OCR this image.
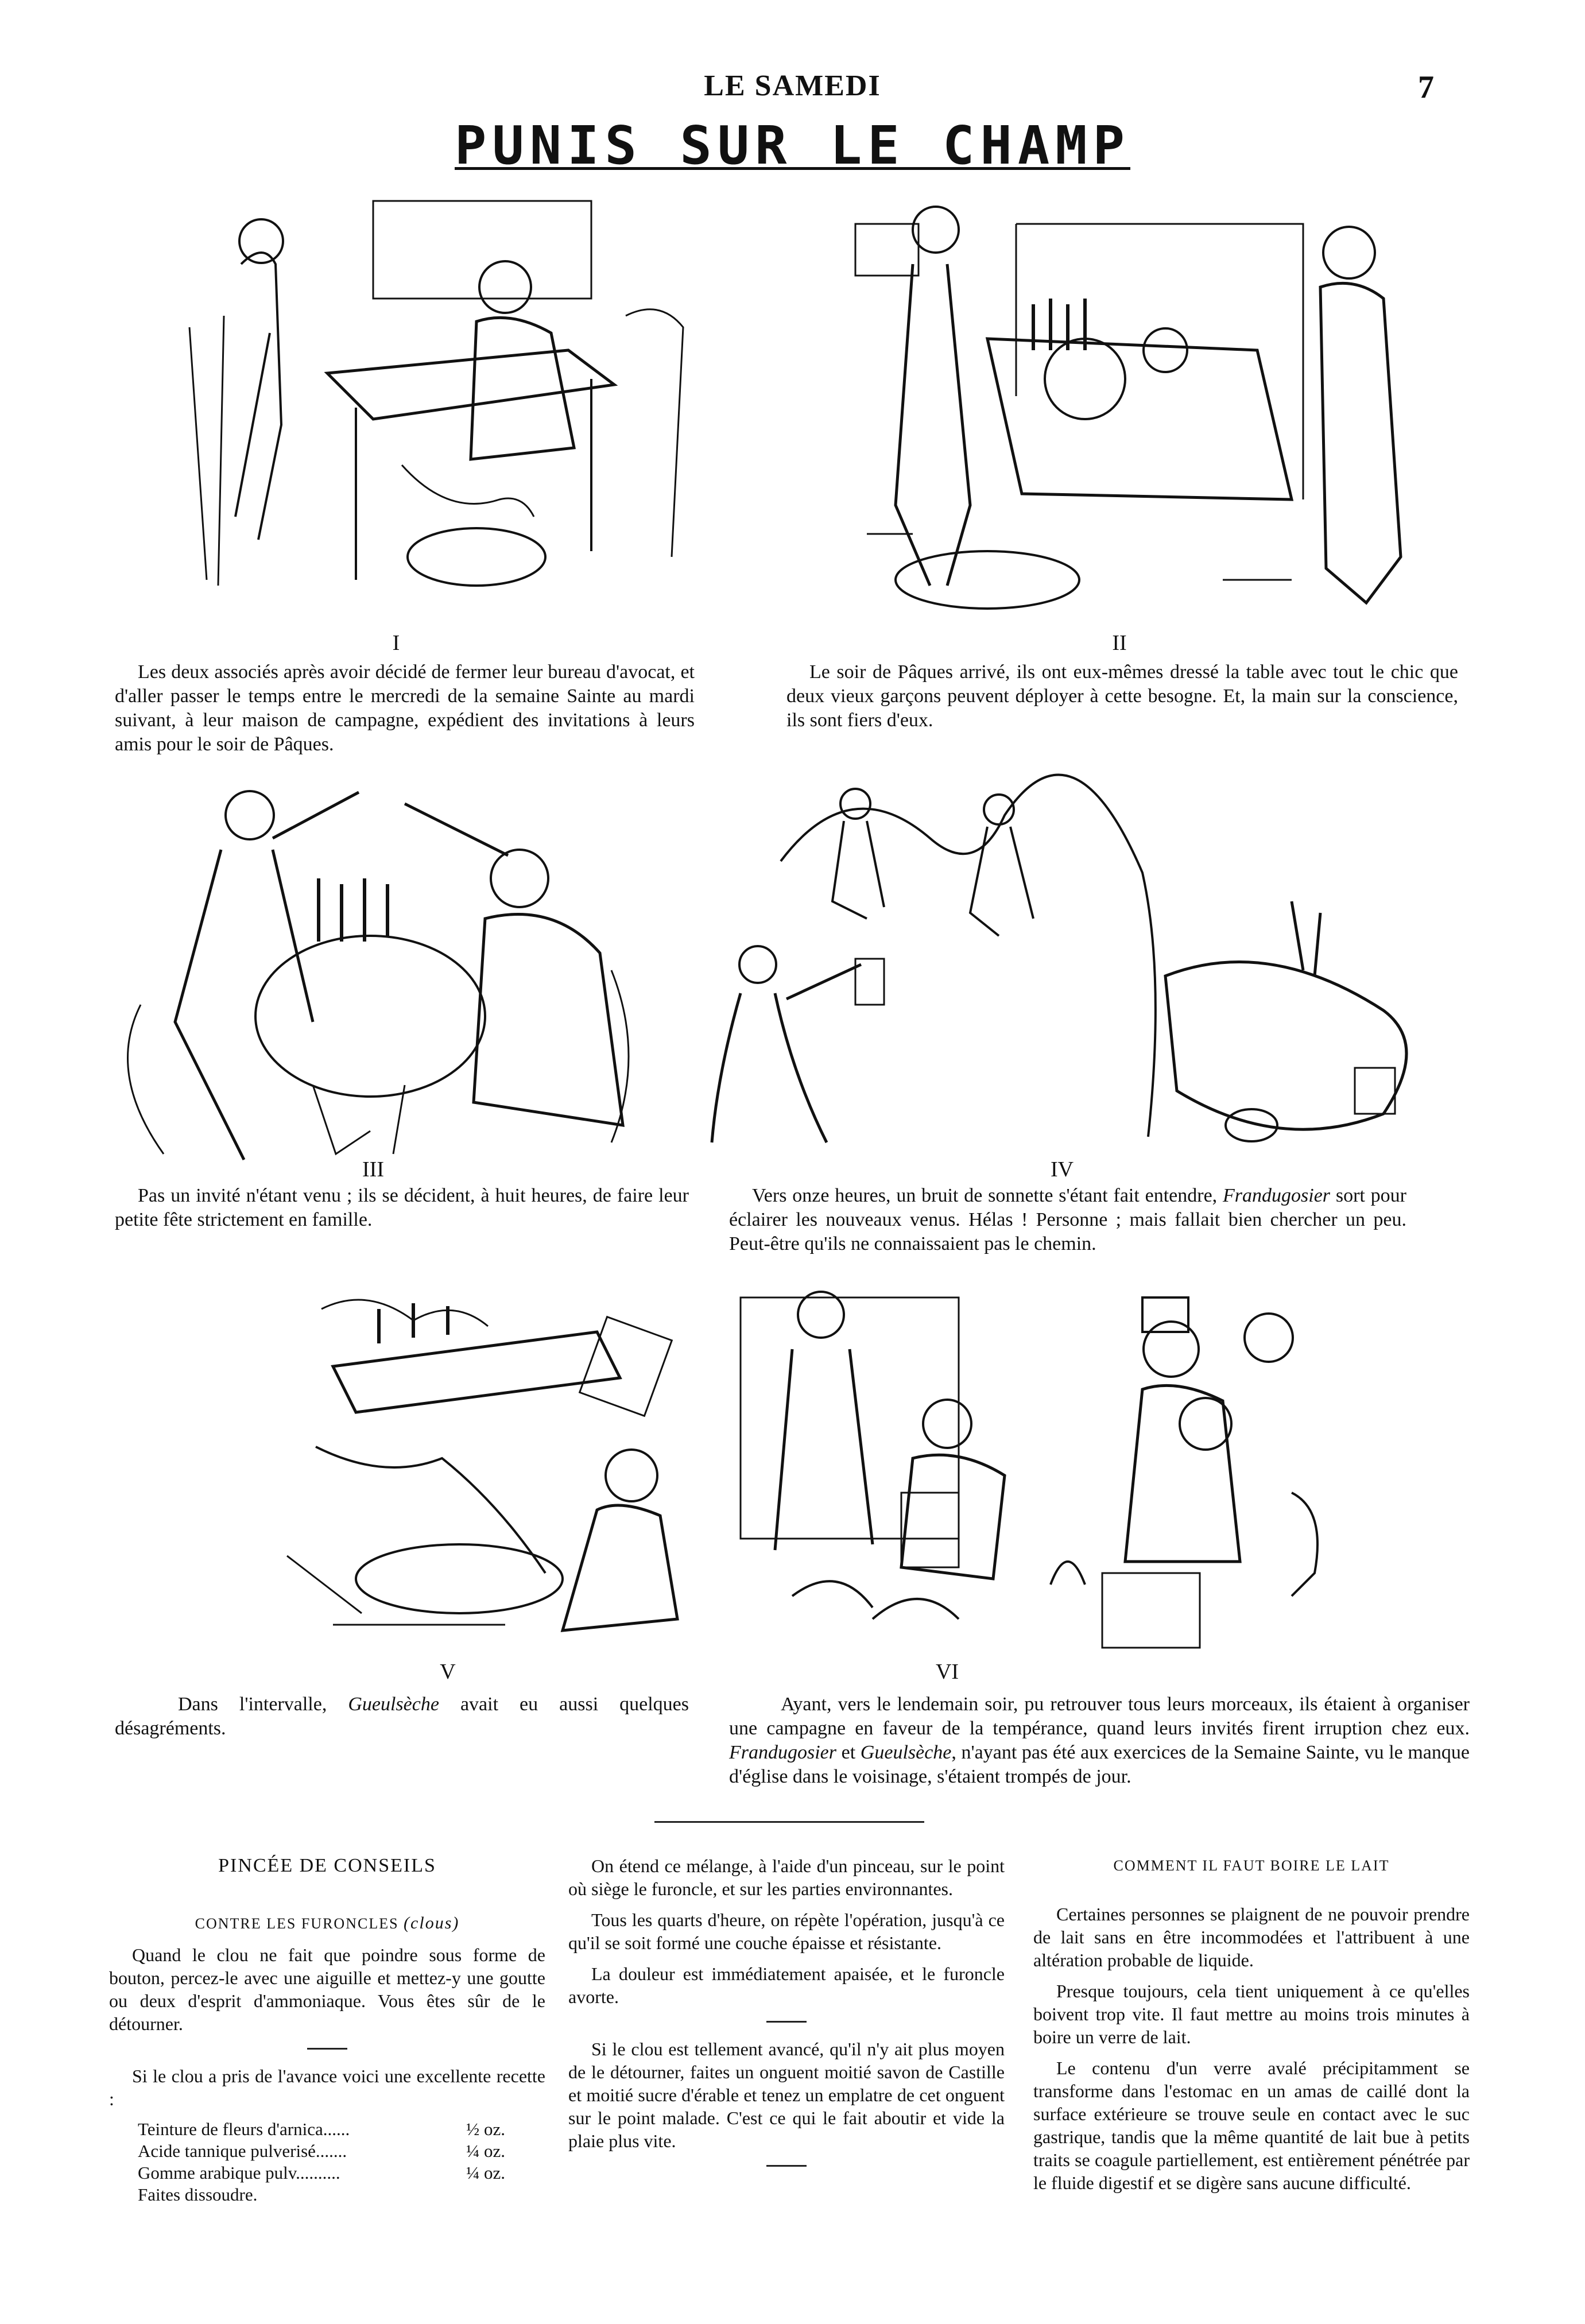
LE SAMEDI	7
PUNIS SUR LE CHAMP
I
Les deux associés après avoir décidé de fermer leur bureau d'avocat, et d'aller passer le temps entre le mercredi de la semaine Sainte au mardi suivant, à leur maison de campagne, expédient des invitations à leurs amis pour le soir de Pâques.
II
Le soir de Pâques arrivé, ils ont eux-mêmes dressé la table avec tout le chic que deux vieux garçons peuvent déployer à cette besogne. Et, la main sur la conscience, ils sont fiers d'eux.
III
Pas un invité n'étant venu ; ils se décident, à huit heures, de faire leur petite fête strictement en famille.
IV
Vers onze heures, un bruit de sonnette s'étant fait entendre, Frandugosier sort pour éclairer les nouveaux venus. Hélas ! Personne ; mais fallait bien chercher un peu. Peut-être qu'ils ne connaissaient pas le chemin.
V
Dans l'intervalle, Gueulsèche avait eu aussi quelques désagréments.
VI
Ayant, vers le lendemain soir, pu retrouver tous leurs morceaux, ils étaient à organiser une campagne en faveur de la tempérance, quand leurs invités firent irruption chez eux. Frandugosier et Gueulsèche, n'ayant pas été aux exercices de la Semaine Sainte, vu le manque d'église dans le voisinage, s'étaient trompés de jour.
PINCÉE DE CONSEILS
CONTRE LES FURONCLES (clous)

Quand le clou ne fait que poindre sous forme de bouton, percez-le avec une aiguille et mettez-y une goutte ou deux d'esprit d'ammoniaque. Vous êtes sûr de le détourner.

Si le clou a pris de l'avance voici une excellente recette :

Teinture de fleurs d'arnica......	½ oz.
Acide tannique pulverisé.......	¼ oz.
Gomme arabique pulv..........	¼ oz.
Faites dissoudre.

On étend ce mélange, à l'aide d'un pinceau, sur le point où siège le furoncle, et sur les parties environnantes.

Tous les quarts d'heure, on répète l'opération, jusqu'à ce qu'il se soit formé une couche épaisse et résistante.

La douleur est immédiatement apaisée, et le furoncle avorte.

Si le clou est tellement avancé, qu'il n'y ait plus moyen de le détourner, faites un onguent moitié savon de Castille et moitié sucre d'érable et tenez un emplatre de cet onguent sur le point malade. C'est ce qui le fait aboutir et vide la plaie plus vite.

COMMENT IL FAUT BOIRE LE LAIT

Certaines personnes se plaignent de ne pouvoir prendre de lait sans en être incommodées et l'attribuent à une altération probable de liquide.

Presque toujours, cela tient uniquement à ce qu'elles boivent trop vite. Il faut mettre au moins trois minutes à boire un verre de lait.

Le contenu d'un verre avalé précipitamment se transforme dans l'estomac en un amas de caillé dont la surface extérieure se trouve seule en contact avec le suc gastrique, tandis que la même quantité de lait bue à petits traits se coagule partiellement, est entièrement pénétrée par le fluide digestif et se digère sans aucune difficulté.
